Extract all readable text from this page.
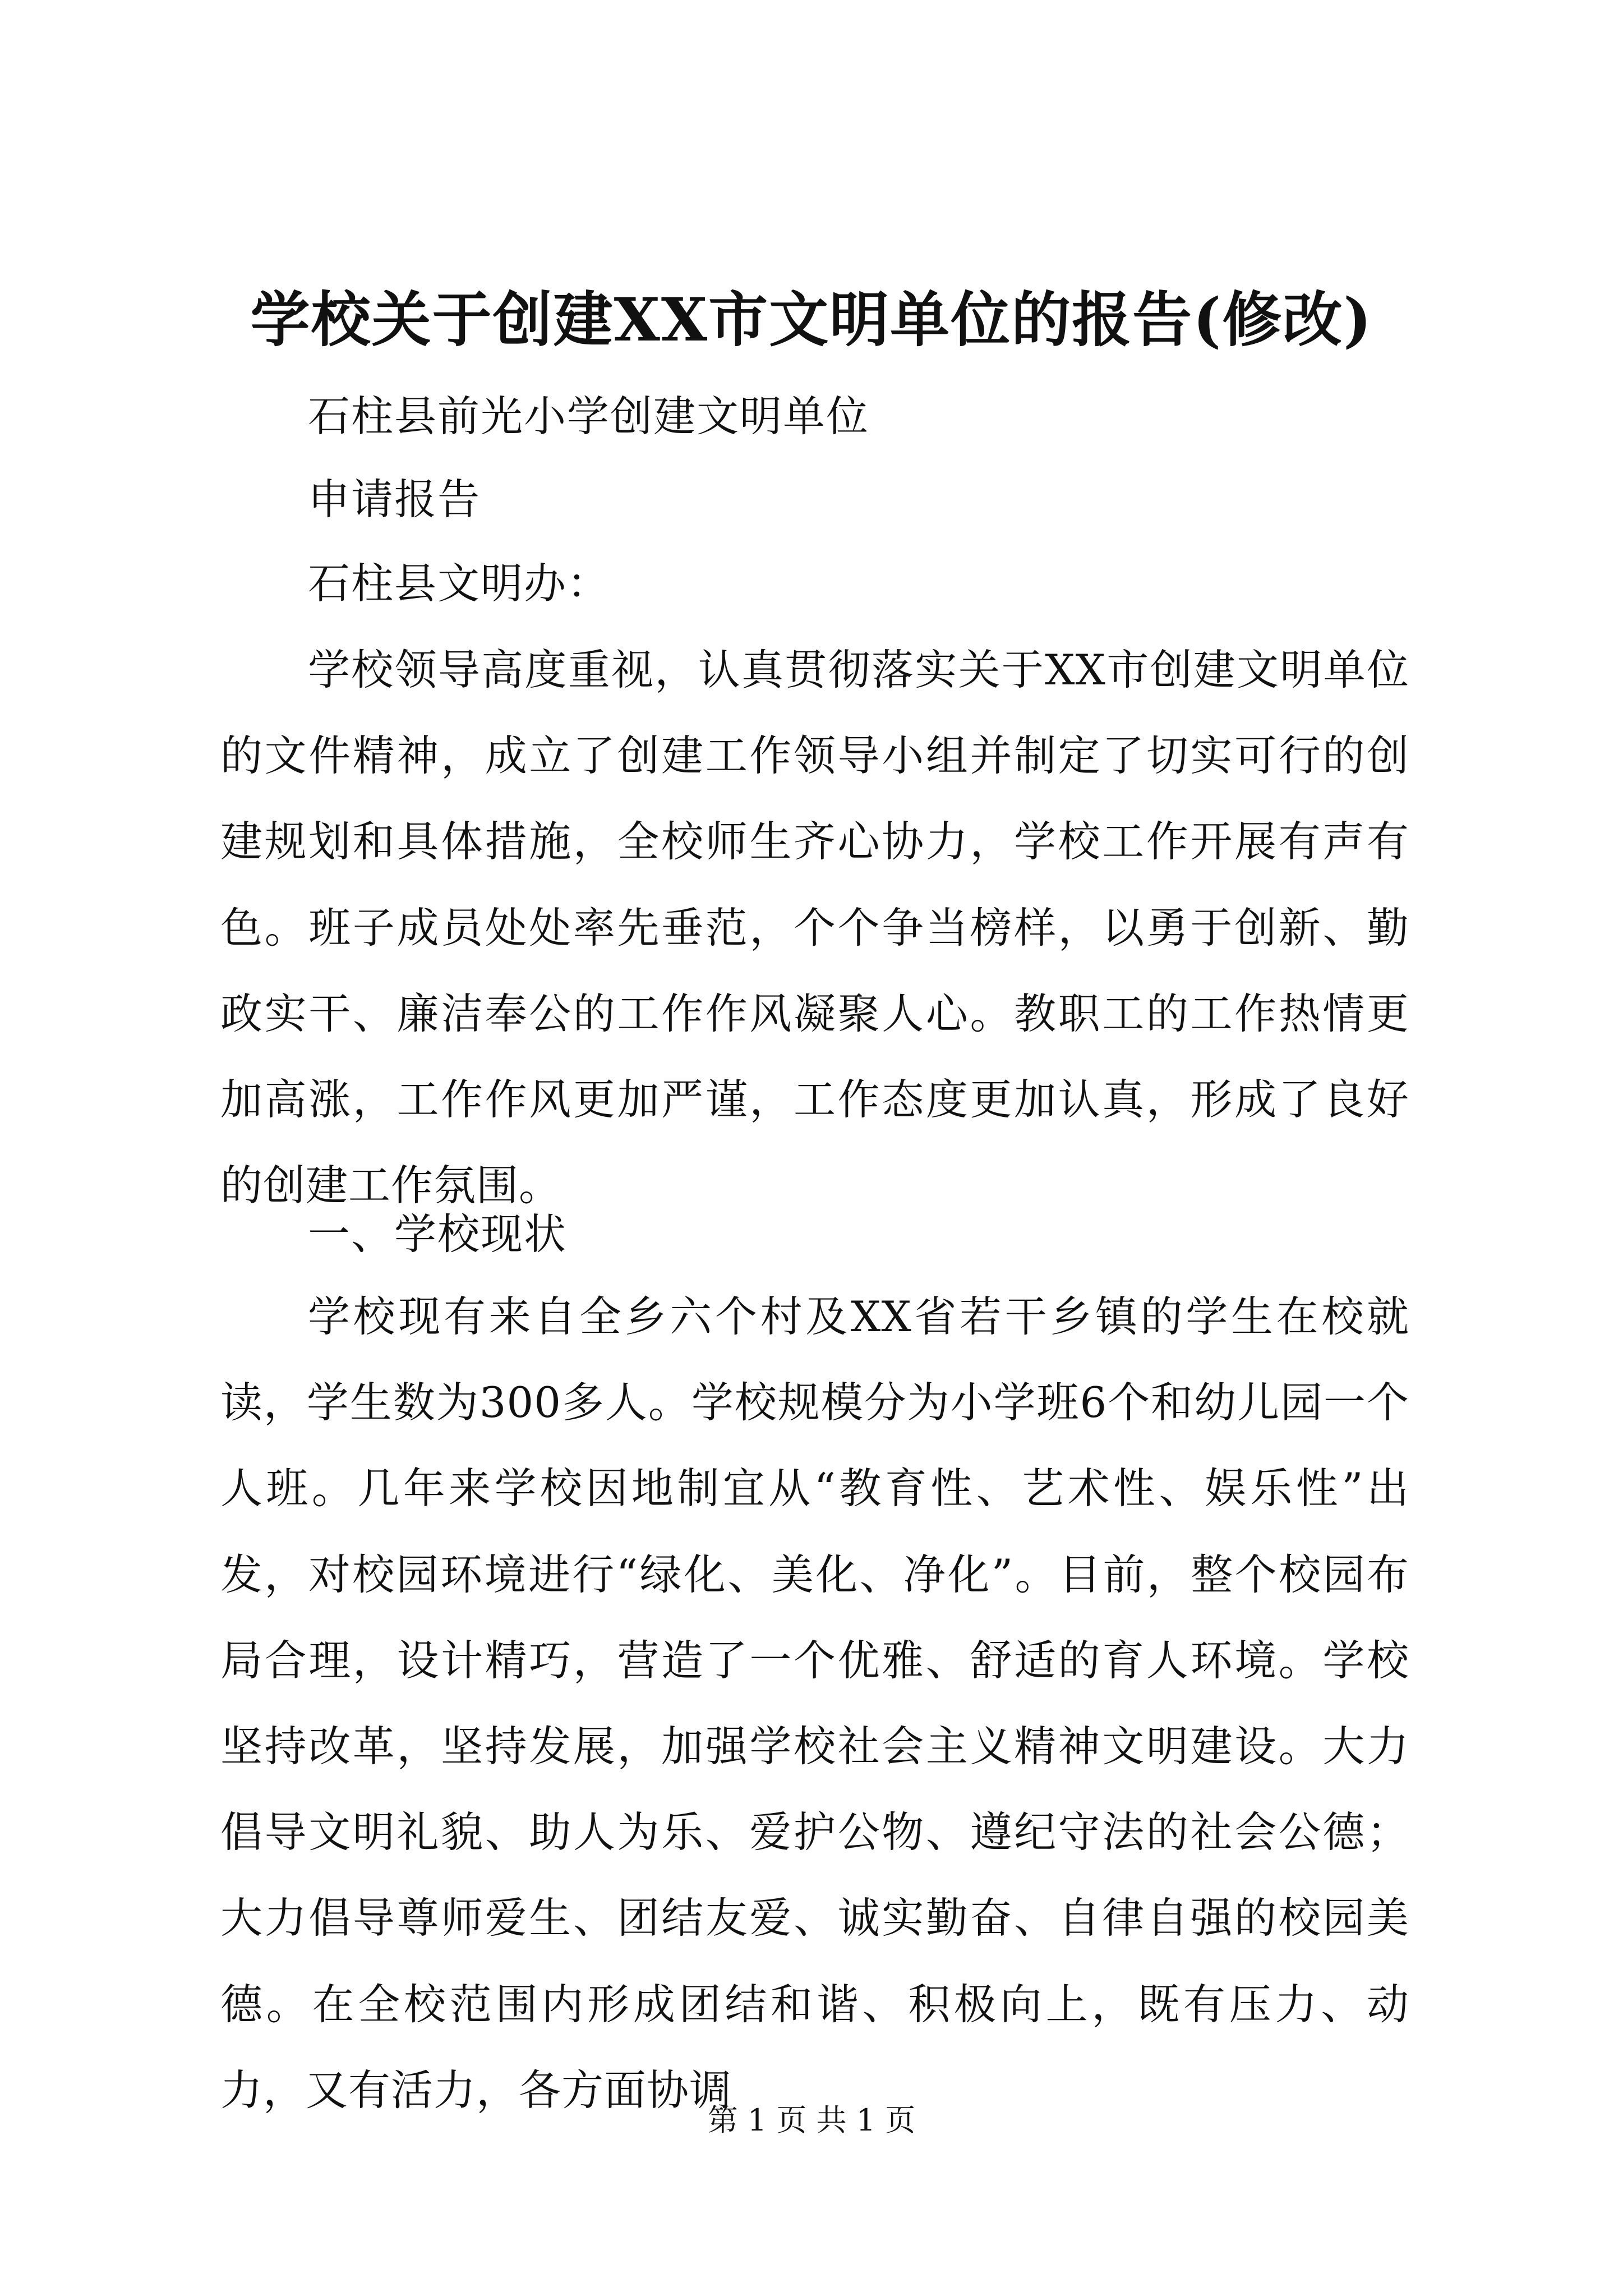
学校关于创建XX市文明单位的报告(修改)

石柱县前光小学创建文明单位

申请报告

石柱县文明办：

学校领导高度重视，认真贯彻落实关于XX市创建文明单位的文件精神，成立了创建工作领导小组并制定了切实可行的创建规划和具体措施，全校师生齐心协力，学校工作开展有声有色。班子成员处处率先垂范，个个争当榜样，以勇于创新、勤政实干、廉洁奉公的工作作风凝聚人心。教职工的工作热情更加高涨，工作作风更加严谨，工作态度更加认真，形成了良好的创建工作氛围。

一、学校现状

学校现有来自全乡六个村及XX省若干乡镇的学生在校就读，学生数为300多人。学校规模分为小学班6个和幼儿园一个人班。几年来学校因地制宜从“教育性、艺术性、娱乐性”出发，对校园环境进行“绿化、美化、净化”。目前，整个校园布局合理，设计精巧，营造了一个优雅、舒适的育人环境。学校坚持改革，坚持发展，加强学校社会主义精神文明建设。大力倡导文明礼貌、助人为乐、爱护公物、遵纪守法的社会公德；大力倡导尊师爱生、团结友爱、诚实勤奋、自律自强的校园美德。在全校范围内形成团结和谐、积极向上，既有压力、动力，又有活力，各方面协调

第 1 页 共 1 页
